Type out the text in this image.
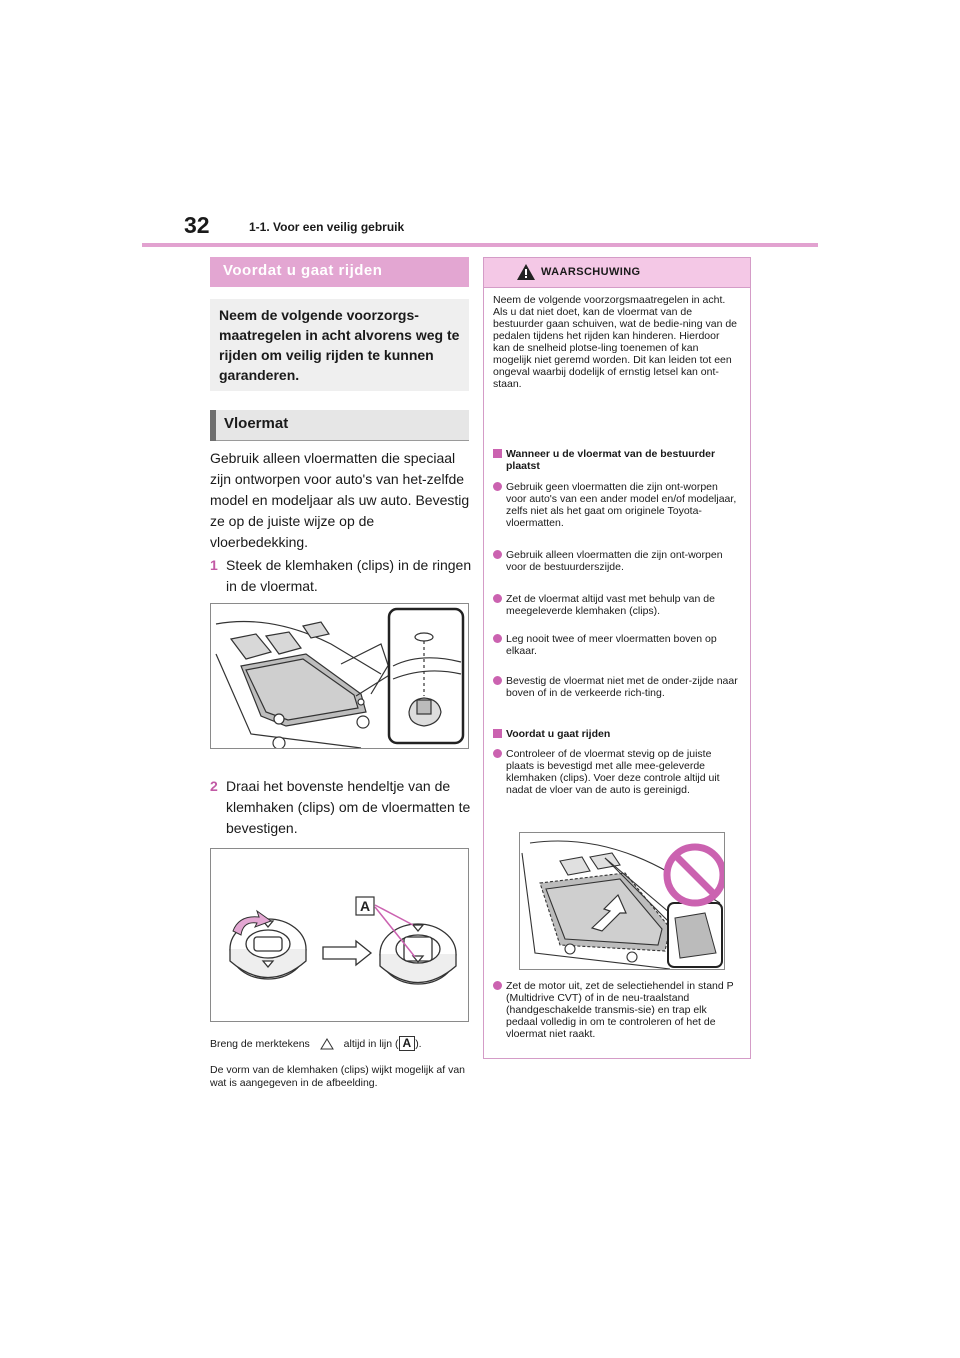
32	1-1. Voor een veilig gebruik
Voordat u gaat rijden
Neem de volgende voorzorgs-maatregelen in acht alvorens weg te rijden om veilig rijden te kunnen garanderen.
Vloermat
Gebruik alleen vloermatten die speciaal zijn ontworpen voor auto's van het-zelfde model en modeljaar als uw auto. Bevestig ze op de juiste wijze op de vloerbedekking.
1 Steek de klemhaken (clips) in de ringen in de vloermat.
2 Draai het bovenste hendeltje van de klemhaken (clips) om de vloermatten te bevestigen.
A
Breng de merktekens	altijd in lijn ( A ).
De vorm van de klemhaken (clips) wijkt mogelijk af van wat is aangegeven in de afbeelding.
WAARSCHUWING
Neem de volgende voorzorgsmaatregelen in acht. Als u dat niet doet, kan de vloermat van de bestuurder gaan schuiven, wat de bedie-ning van de pedalen tijdens het rijden kan hinderen. Hierdoor kan de snelheid plotse-ling toenemen of kan mogelijk niet geremd worden. Dit kan leiden tot een ongeval waarbij dodelijk of ernstig letsel kan ont-staan.
Wanneer u de vloermat van de bestuurder plaatst
Gebruik geen vloermatten die zijn ont-worpen voor auto's van een ander model en/of modeljaar, zelfs niet als het gaat om originele Toyota-vloermatten.
Gebruik alleen vloermatten die zijn ont-worpen voor de bestuurderszijde.
Zet de vloermat altijd vast met behulp van de meegeleverde klemhaken (clips).
Leg nooit twee of meer vloermatten boven op elkaar.
Bevestig de vloermat niet met de onder-zijde naar boven of in de verkeerde rich-ting.
Voordat u gaat rijden
Controleer of de vloermat stevig op de juiste plaats is bevestigd met alle mee-geleverde klemhaken (clips). Voer deze controle altijd uit nadat de vloer van de auto is gereinigd.
Zet de motor uit, zet de selectiehendel in stand P (Multidrive CVT) of in de neu-traalstand (handgeschakelde transmis-sie) en trap elk pedaal volledig in om te controleren of het de vloermat niet raakt.
